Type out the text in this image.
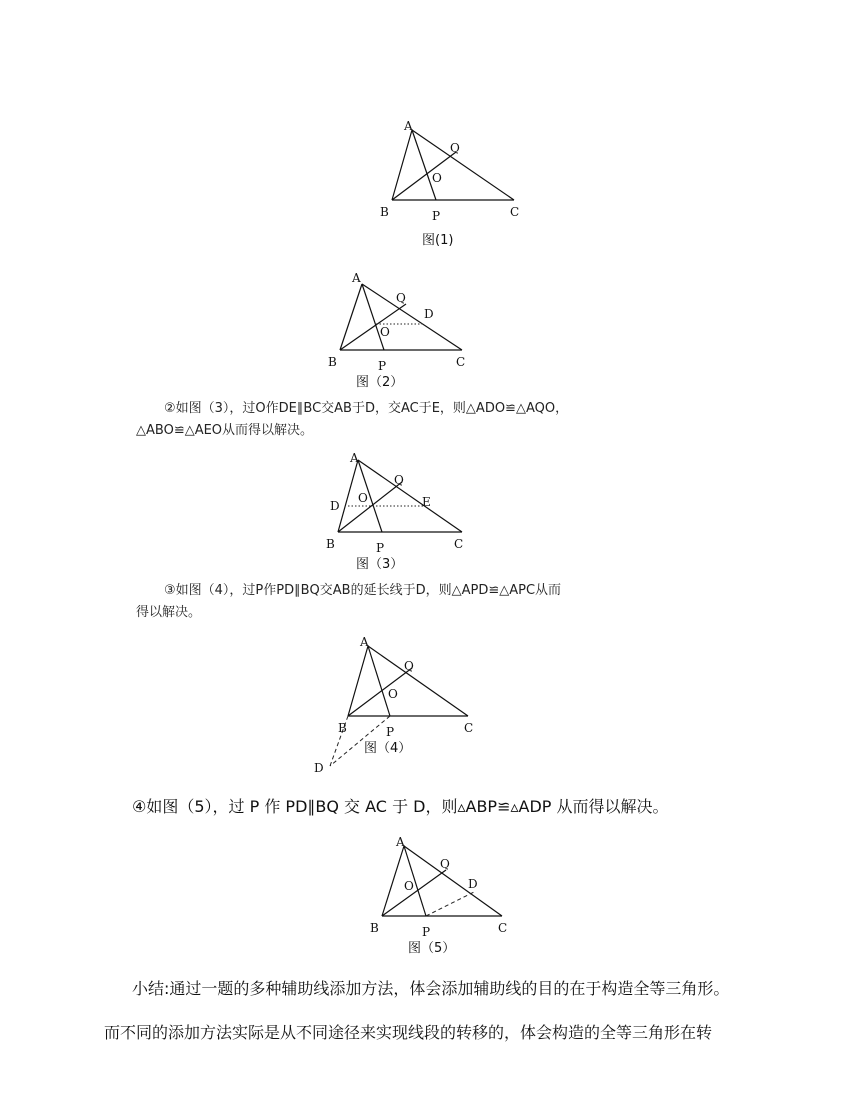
A
Q
O
B	P	C
图(1)
A
Q
D
O
B	P	C
图（2）
②如图（3），过O作DE∥BC交AB于D，交AC于E，则△ADO≌△AQO，
△ABO≌△AEO从而得以解决。
A
Q
O
D	E
B	P	C
图（3）
③如图（4），过P作PD∥BQ交AB的延长线于D，则△APD≌△APC从而
得以解决。
A
Q
O
B	P	C
D
图（4）
④如图（5），过 P 作 PD∥BQ 交 AC 于 D，则▵ABP≌▵ADP 从而得以解决。
A
Q
D
O
B	P	C
图（5）
小结:通过一题的多种辅助线添加方法，体会添加辅助线的目的在于构造全等三角形。
而不同的添加方法实际是从不同途径来实现线段的转移的，体会构造的全等三角形在转
